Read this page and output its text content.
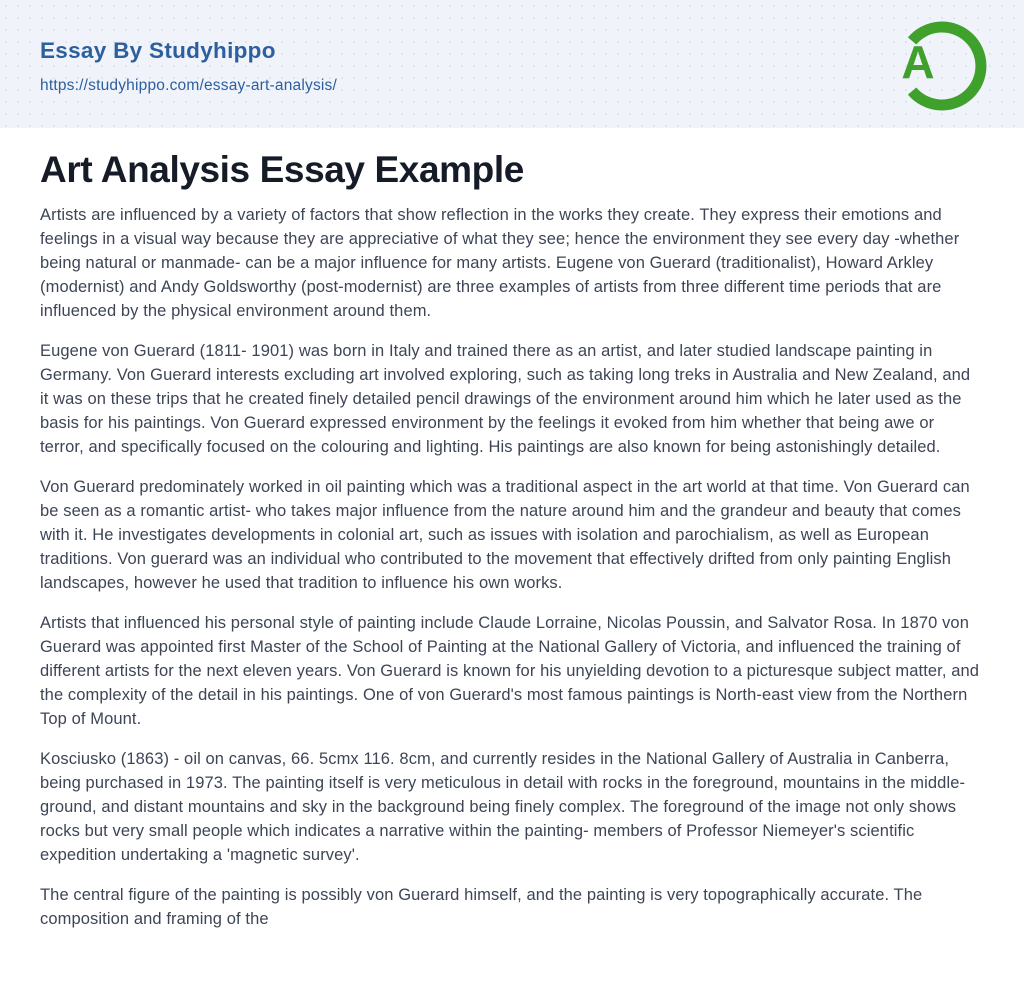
Essay By Studyhippo
https://studyhippo.com/essay-art-analysis/	A
Art Analysis Essay Example

Artists are influenced by a variety of factors that show reflection in the works they create. They express their emotions and feelings in a visual way because they are appreciative of what they see; hence the environment they see every day -whether being natural or manmade- can be a major influence for many artists. Eugene von Guerard (traditionalist), Howard Arkley (modernist) and Andy Goldsworthy (post-modernist) are three examples of artists from three different time periods that are influenced by the physical environment around them.

Eugene von Guerard (1811- 1901) was born in Italy and trained there as an artist, and later studied landscape painting in Germany. Von Guerard interests excluding art involved exploring, such as taking long treks in Australia and New Zealand, and it was on these trips that he created finely detailed pencil drawings of the environment around him which he later used as the basis for his paintings. Von Guerard expressed environment by the feelings it evoked from him whether that being awe or terror, and specifically focused on the colouring and lighting. His paintings are also known for being astonishingly detailed.

Von Guerard predominately worked in oil painting which was a traditional aspect in the art world at that time. Von Guerard can be seen as a romantic artist- who takes major influence from the nature around him and the grandeur and beauty that comes with it. He investigates developments in colonial art, such as issues with isolation and parochialism, as well as European traditions. Von guerard was an individual who contributed to the movement that effectively drifted from only painting English landscapes, however he used that tradition to influence his own works.

Artists that influenced his personal style of painting include Claude Lorraine, Nicolas Poussin, and Salvator Rosa. In 1870 von Guerard was appointed first Master of the School of Painting at the National Gallery of Victoria, and influenced the training of different artists for the next eleven years. Von Guerard is known for his unyielding devotion to a picturesque subject matter, and the complexity of the detail in his paintings. One of von Guerard's most famous paintings is North-east view from the Northern Top of Mount.

Kosciusko (1863) - oil on canvas, 66. 5cmx 116. 8cm, and currently resides in the National Gallery of Australia in Canberra, being purchased in 1973. The painting itself is very meticulous in detail with rocks in the foreground, mountains in the middle-ground, and distant mountains and sky in the background being finely complex. The foreground of the image not only shows rocks but very small people which indicates a narrative within the painting- members of Professor Niemeyer's scientific expedition undertaking a 'magnetic survey'.

The central figure of the painting is possibly von Guerard himself, and the painting is very topographically accurate. The composition and framing of the
